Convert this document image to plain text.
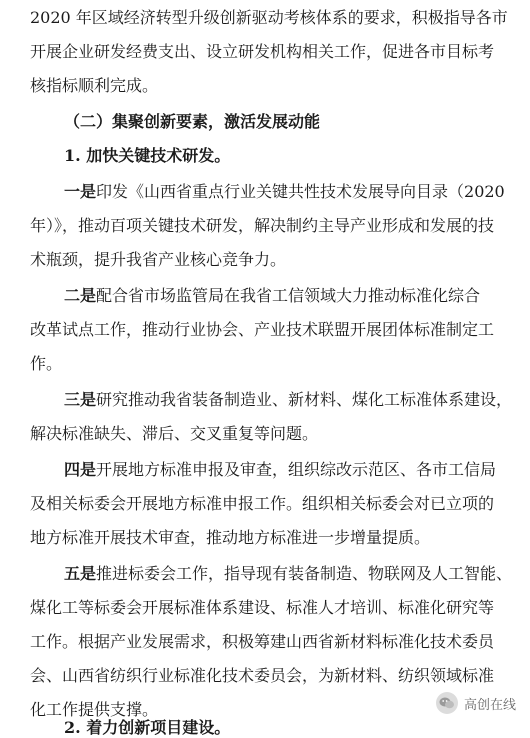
2020 年区域经济转型升级创新驱动考核体系的要求，积极指导各市
开展企业研发经费支出、设立研发机构相关工作，促进各市目标考
核指标顺利完成。
（二）集聚创新要素，激活发展动能
1. 加快关键技术研发。
一是印发《山西省重点行业关键共性技术发展导向目录（2020
年）》，推动百项关键技术研发，解决制约主导产业形成和发展的技
术瓶颈，提升我省产业核心竞争力。
二是配合省市场监管局在我省工信领域大力推动标准化综合
改革试点工作，推动行业协会、产业技术联盟开展团体标准制定工
作。
三是研究推动我省装备制造业、新材料、煤化工标准体系建设，
解决标准缺失、滞后、交叉重复等问题。
四是开展地方标准申报及审查，组织综改示范区、各市工信局
及相关标委会开展地方标准申报工作。组织相关标委会对已立项的
地方标准开展技术审查，推动地方标准进一步增量提质。
五是推进标委会工作，指导现有装备制造、物联网及人工智能、
煤化工等标委会开展标准体系建设、标准人才培训、标准化研究等
工作。根据产业发展需求，积极筹建山西省新材料标准化技术委员
会、山西省纺织行业标准化技术委员会，为新材料、纺织领域标准
化工作提供支撑。
2. 着力创新项目建设。
高创在线
